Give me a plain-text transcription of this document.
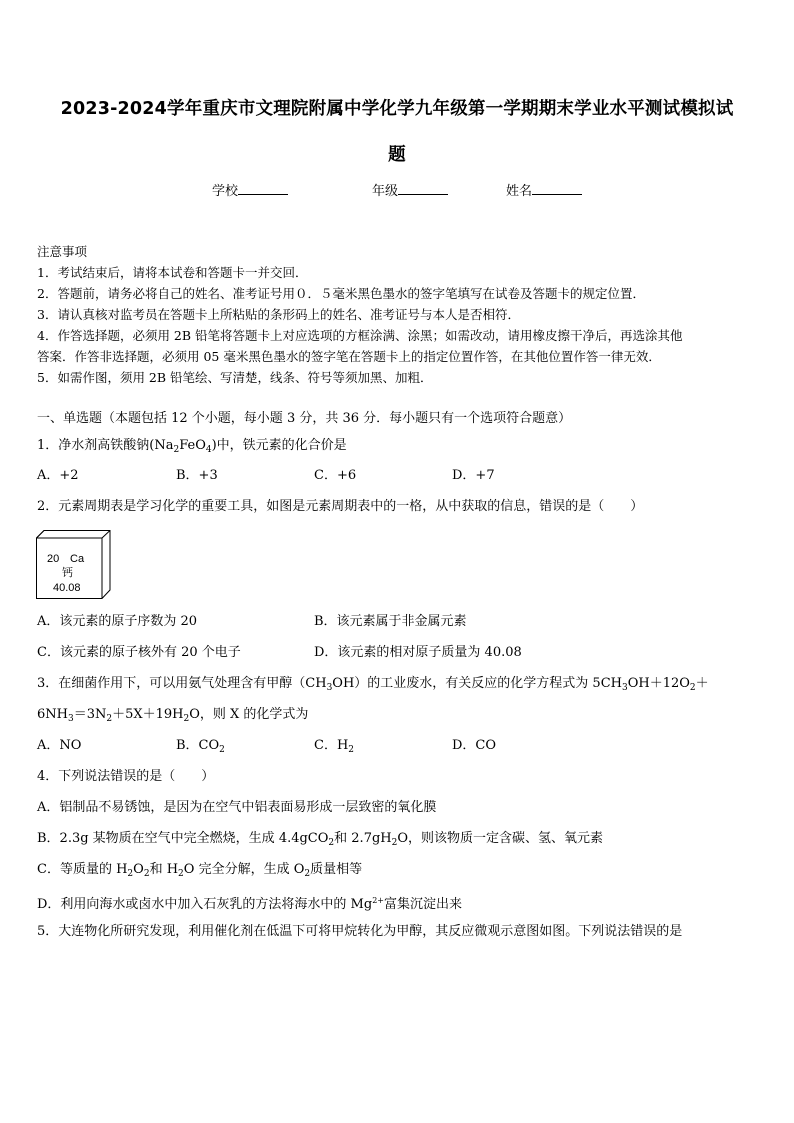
2023-2024学年重庆市文理院附属中学化学九年级第一学期期末学业水平测试模拟试
题
学校	年级	姓名
注意事项
1．考试结束后，请将本试卷和答题卡一并交回．
2．答题前，请务必将自己的姓名、准考证号用０．５毫米黑色墨水的签字笔填写在试卷及答题卡的规定位置．
3．请认真核对监考员在答题卡上所粘贴的条形码上的姓名、准考证号与本人是否相符．
4．作答选择题，必须用 2B 铅笔将答题卡上对应选项的方框涂满、涂黑；如需改动，请用橡皮擦干净后，再选涂其他
答案．作答非选择题，必须用 05 毫米黑色墨水的签字笔在答题卡上的指定位置作答，在其他位置作答一律无效．
5．如需作图，须用 2B 铅笔绘、写清楚，线条、符号等须加黑、加粗．
一、单选题（本题包括 12 个小题，每小题 3 分，共 36 分．每小题只有一个选项符合题意）
1．净水剂高铁酸钠$(Na_2FeO_4)$中，铁元素的化合价是
A．+2	B．+3	C．+6	D．+7
2．元素周期表是学习化学的重要工具，如图是元素周期表中的一格，从中获取的信息，错误的是（　　）
20 Ca
钙
40.08
A．该元素的原子序数为 20	B．该元素属于非金属元素
C．该元素的原子核外有 20 个电子	D．该元素的相对原子质量为 40.08
3．在细菌作用下，可以用氨气处理含有甲醇$(CH_3OH)$的工业废水，有关反应的化学方程式为 $5CH_3OH+12O_2+$
$6NH_3=3N_2+5X+19H_2O$，则 X 的化学式为
A．NO	B．$CO_2$	C．$H_2$	D．CO
4．下列说法错误的是（　　）
A．铝制品不易锈蚀，是因为在空气中铝表面易形成一层致密的氧化膜
B．2.3g 某物质在空气中完全燃烧，生成 4.4gCO$_2$和 $2.7gH_2O$，则该物质一定含碳、氢、氧元素
C．等质量的 $H_2O_2$和 $H_2O$ 完全分解，生成 $O_2$质量相等
D．利用向海水或卤水中加入石灰乳的方法将海水中的 $Mg^{2+}$富集沉淀出来
5．大连物化所研究发现，利用催化剂在低温下可将甲烷转化为甲醇，其反应微观示意图如图。下列说法错误的是
